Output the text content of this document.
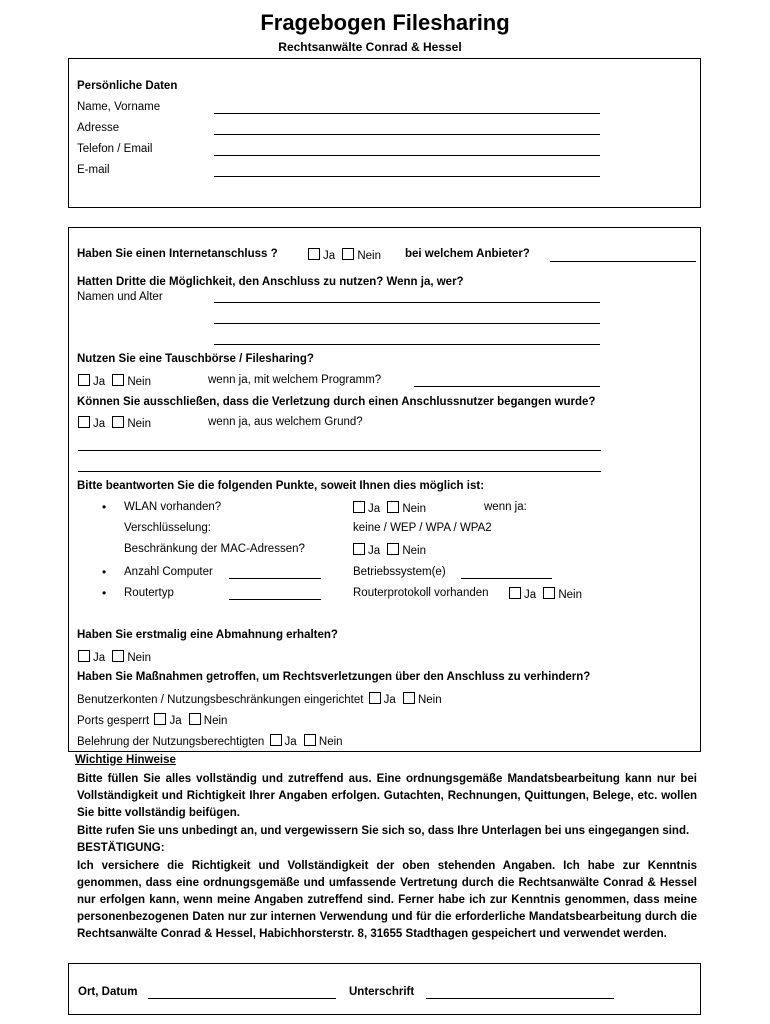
Fragebogen Filesharing
Rechtsanwälte Conrad & Hessel
Persönliche Daten
Name, Vorname
Adresse
Telefon / Email
E-mail
Haben Sie einen Internetanschluss ?	Ja Nein bei welchem Anbieter?
Hatten Dritte die Möglichkeit, den Anschluss zu nutzen? Wenn ja, wer?
Namen und Alter
Nutzen Sie eine Tauschbörse / Filesharing?
Ja Nein	wenn ja, mit welchem Programm?
Können Sie ausschließen, dass die Verletzung durch einen Anschlussnutzer begangen wurde?
Ja Nein	wenn ja, aus welchem Grund?
Bitte beantworten Sie die folgenden Punkte, soweit Ihnen dies möglich ist:
• WLAN vorhanden?	Ja Nein	wenn ja:
Verschlüsselung:	keine / WEP / WPA / WPA2
Beschränkung der MAC-Adressen?	Ja Nein
• Anzahl Computer	Betriebssystem(e)
• Routertyp	Routerprotokoll vorhanden	Ja Nein
Haben Sie erstmalig eine Abmahnung erhalten?
Ja Nein
Haben Sie Maßnahmen getroffen, um Rechtsverletzungen über den Anschluss zu verhindern?
Benutzerkonten / Nutzungsbeschränkungen eingerichtet Ja Nein
Ports gesperrt Ja Nein
Belehrung der Nutzungsberechtigten Ja Nein
Wichtige Hinweise
Bitte füllen Sie alles vollständig und zutreffend aus. Eine ordnungsgemäße Mandatsbearbeitung kann nur bei Vollständigkeit und Richtigkeit Ihrer Angaben erfolgen. Gutachten, Rechnungen, Quittungen, Belege, etc. wollen Sie bitte vollständig beifügen.
Bitte rufen Sie uns unbedingt an, und vergewissern Sie sich so, dass Ihre Unterlagen bei uns eingegangen sind.
BESTÄTIGUNG:
Ich versichere die Richtigkeit und Vollständigkeit der oben stehenden Angaben. Ich habe zur Kenntnis genommen, dass eine ordnungsgemäße und umfassende Vertretung durch die Rechtsanwälte Conrad & Hessel nur erfolgen kann, wenn meine Angaben zutreffend sind. Ferner habe ich zur Kenntnis genommen, dass meine personenbezogenen Daten nur zur internen Verwendung und für die erforderliche Mandatsbearbeitung durch die Rechtsanwälte Conrad & Hessel, Habichhorsterstr. 8, 31655 Stadthagen gespeichert und verwendet werden.
Ort, Datum	Unterschrift
